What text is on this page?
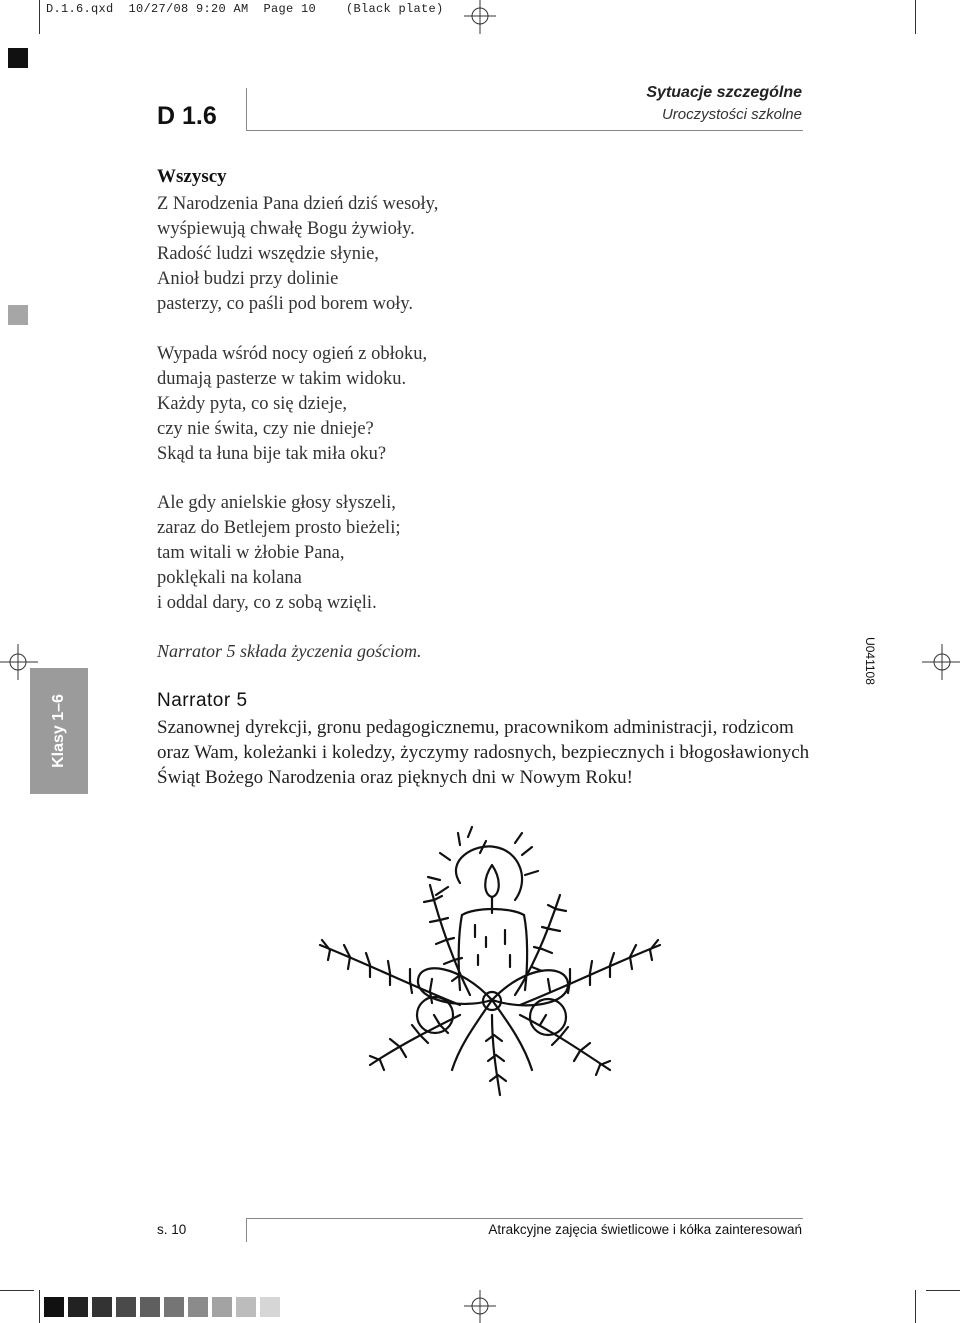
D.1.6.qxd  10/27/08 9:20 AM  Page 10    (Black plate)
D 1.6
Sytuacje szczególne
Uroczystości szkolne
Wszyscy
Z Narodzenia Pana dzień dziś wesoły,
wyśpiewują chwałę Bogu żywioły.
Radość ludzi wszędzie słynie,
Anioł budzi przy dolinie
pasterzy, co paśli pod borem woły.
Wypada wśród nocy ogień z obłoku,
dumają pasterze w takim widoku.
Każdy pyta, co się dzieje,
czy nie świta, czy nie dnieje?
Skąd ta łuna bije tak miła oku?
Ale gdy anielskie głosy słyszeli,
zaraz do Betlejem prosto bieżeli;
tam witali w żłobie Pana,
poklękali na kolana
i oddal dary, co z sobą wzięli.
Narrator 5 składa życzenia gościom.
Narrator 5
Szanownej dyrekcji, gronu pedagogicznemu, pracownikom administracji, rodzicom
oraz Wam, koleżanki i koledzy, życzymy radosnych, bezpiecznych i błogosławionych
Świąt Bożego Narodzenia oraz pięknych dni w Nowym Roku!
Klasy 1–6
U041108
s. 10	Atrakcyjne zajęcia świetlicowe i kółka zainteresowań
